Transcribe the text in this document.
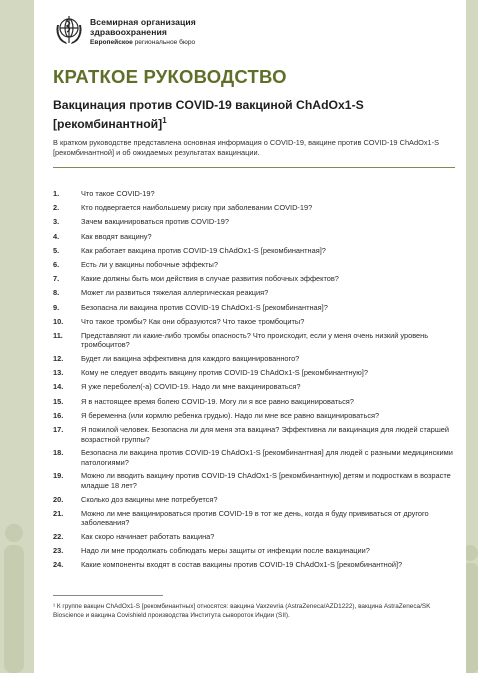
Всемирная организация
здравоохранения
Европейское региональное бюро
КРАТКОЕ РУКОВОДСТВО
Вакцинация против COVID-19 вакциной ChAdOx1-S [рекомбинантной]$^1$

В кратком руководстве представлена основная информация о COVID-19, вакцине против COVID-19 ChAdOx1-S [рекомбинантной] и об ожидаемых результатах вакцинации.

1.	Что такое COVID-19?
2.	Кто подвергается наибольшему риску при заболевании COVID-19?
3.	Зачем вакцинироваться против COVID-19?
4.	Как вводят вакцину?
5.	Как работает вакцина против COVID-19 ChAdOx1-S [рекомбинантная]?
6.	Есть ли у вакцины побочные эффекты?
7.	Какие должны быть мои действия в случае развития побочных эффектов?
8.	Может ли развиться тяжелая аллергическая реакция?
9.	Безопасна ли вакцина против COVID-19 ChAdOx1-S [рекомбинантная]?
10.	Что такое тромбы? Как они образуются? Что такое тромбоциты?
11.	Представляют ли какие-либо тромбы опасность? Что происходит, если у меня очень низкий уровень тромбоцитов?
12.	Будет ли вакцина эффективна для каждого вакцинированного?
13.	Кому не следует вводить вакцину против COVID-19 ChAdOx1-S [рекомбинантную]?
14.	Я уже переболел(-а) COVID-19. Надо ли мне вакцинироваться?
15.	Я в настоящее время болею COVID-19. Могу ли я все равно вакцинироваться?
16.	Я беременна (или кормлю ребенка грудью). Надо ли мне все равно вакцинироваться?
17.	Я пожилой человек. Безопасна ли для меня эта вакцина? Эффективна ли вакцинация для людей старшей возрастной группы?
18.	Безопасна ли вакцина против COVID-19 ChAdOx1-S [рекомбинантная] для людей с разными медицинскими патологиями?
19.	Можно ли вводить вакцину против COVID-19 ChAdOx1-S [рекомбинантную] детям и подросткам в возрасте младше 18 лет?
20.	Сколько доз вакцины мне потребуется?
21.	Можно ли мне вакцинироваться против COVID-19 в тот же день, когда я буду прививаться от другого заболевания?
22.	Как скоро начинает работать вакцина?
23.	Надо ли мне продолжать соблюдать меры защиты от инфекции после вакцинации?
24.	Какие компоненты входят в состав вакцины против COVID-19 ChAdOx1-S [рекомбинантной]?

¹ К группе вакцин ChAdOx1-S [рекомбинантных] относятся: вакцина Vaxzevria (AstraZeneca/AZD1222), вакцина AstraZeneca/SK Bioscience и вакцина Covishield производства Института сывороток Индии (SII).
